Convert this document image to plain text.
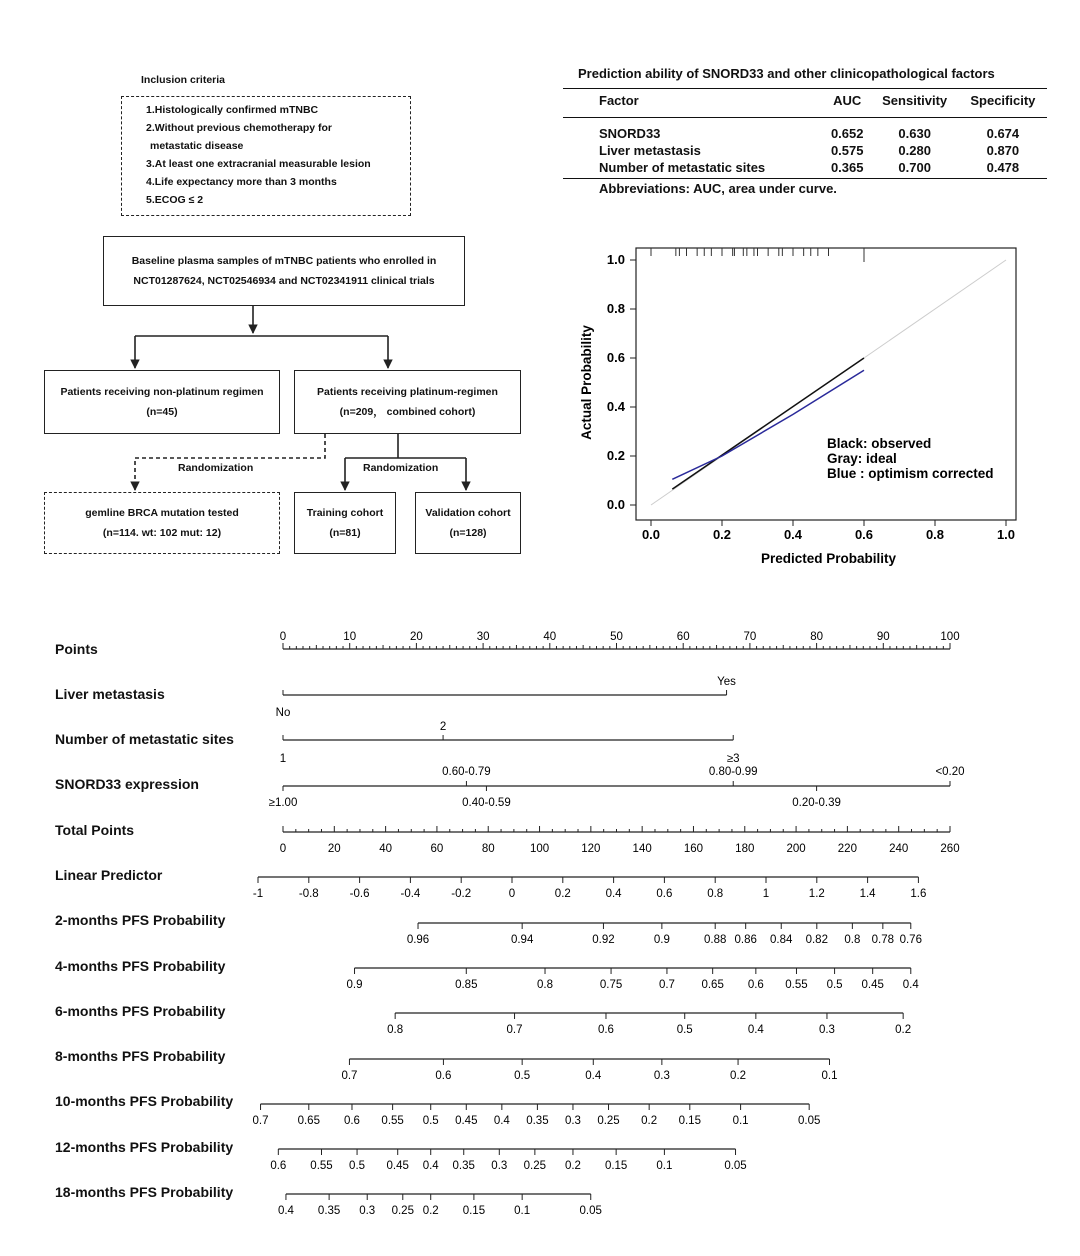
Inclusion criteria
1.Histologically confirmed mTNBC
2.Without previous chemotherapy for
metastatic disease
3.At least one extracranial measurable lesion
4.Life expectancy more than 3 months
5.ECOG ≤ 2
Baseline plasma samples of mTNBC patients who enrolled in
NCT01287624, NCT02546934 and NCT02341911 clinical trials
Patients receiving non-platinum regimen
(n=45)
Patients receiving platinum-regimen
(n=209， combined cohort)
Randomization	Randomization
gemline BRCA mutation tested
(n=114. wt: 102 mut: 12)
Training cohort
(n=81)
Validation cohort
(n=128)
Prediction ability of SNORD33 and other clinicopathological factors
Factor	AUC	Sensitivity	Specificity
SNORD33	0.652	0.630	0.674
Liver metastasis	0.575	0.280	0.870
Number of metastatic sites	0.365	0.700	0.478
Abbreviations: AUC, area under curve.
0.0
0.0
0.2
0.2
0.4
0.4
0.6
0.6
0.8
0.8
1.0
1.0
Predicted Probability
Actual Probability
Black: observed
Gray: ideal
Blue : optimism corrected
Points
Liver metastasis
Number of metastatic sites
SNORD33 expression
Total Points
Linear Predictor
2-months PFS Probability
4-months PFS Probability
6-months PFS Probability
8-months PFS Probability
10-months PFS Probability
12-months PFS Probability
18-months PFS Probability
0	10	20	30	40	50	60	70	80	90	100
No
Yes
1
2
≥3
0.60-0.79	0.80-0.99	<0.20
≥1.00	0.40-0.59	0.20-0.39
0	20	40	60	80	100	120	140	160	180	200	220	240	260
-1	-0.8	-0.6	-0.4	-0.2	0	0.2	0.4	0.6	0.8	1	1.2	1.4	1.6
0.96	0.94	0.92	0.9	0.88 0.86 0.84 0.82 0.8 0.78 0.76
0.9	0.85	0.8	0.75	0.7 0.65 0.6 0.55 0.5 0.45 0.4
0.8	0.7	0.6	0.5	0.4	0.3	0.2
0.7	0.6	0.5	0.4	0.3	0.2	0.1
0.7	0.65 0.6 0.55 0.5 0.45 0.4 0.35 0.3 0.25 0.2 0.15	0.1	0.05
0.6 0.55 0.5 0.45 0.4 0.35 0.3 0.25 0.2 0.15	0.1	0.05
0.4 0.35 0.3 0.25 0.2 0.15	0.1	0.05
